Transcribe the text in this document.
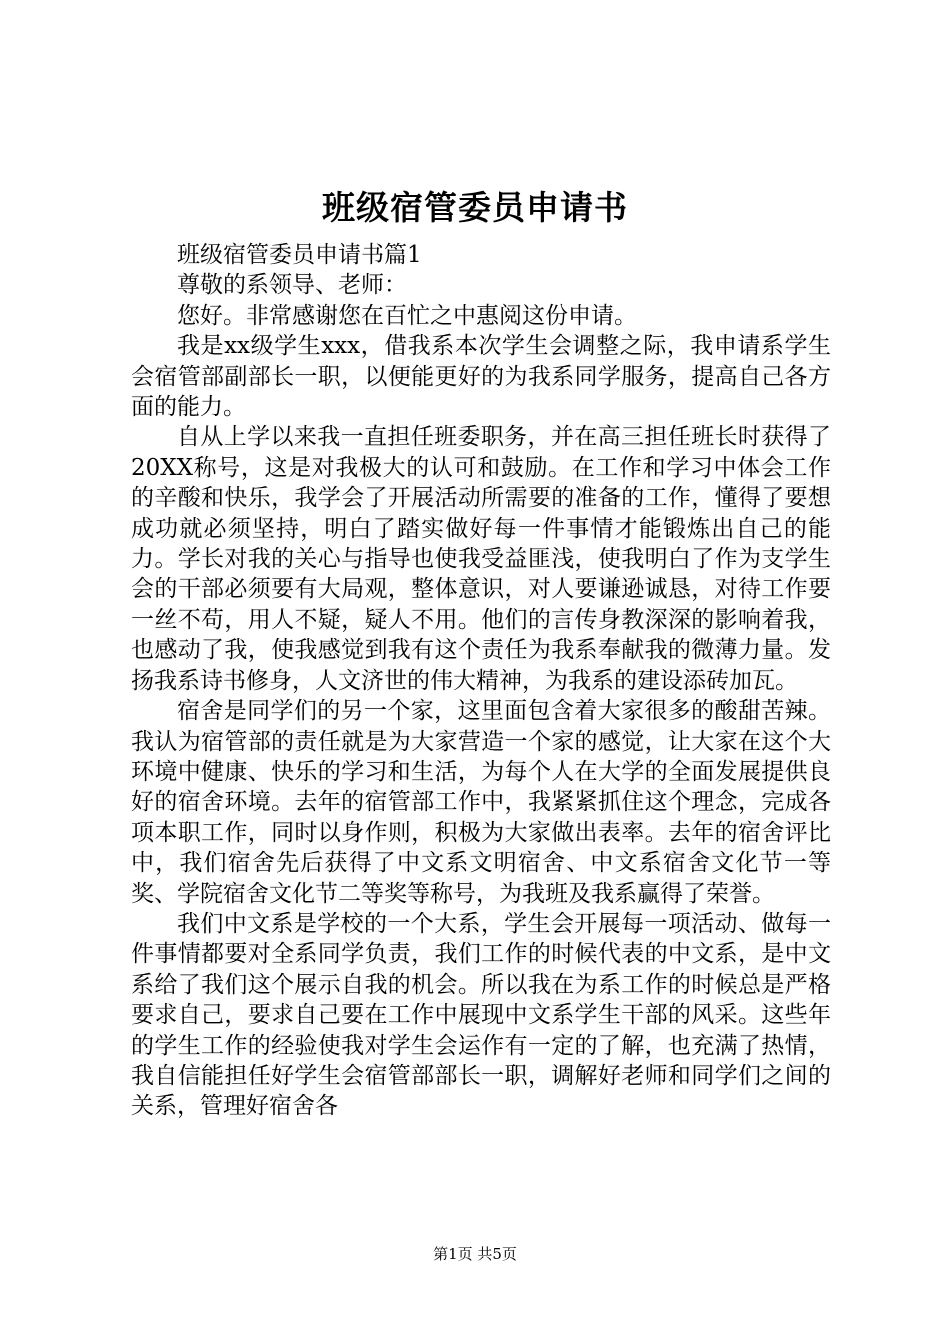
班级宿管委员申请书

班级宿管委员申请书篇1

尊敬的系领导、老师：

您好。非常感谢您在百忙之中惠阅这份申请。

我是xx级学生xxx，借我系本次学生会调整之际，我申请系学生会宿管部副部长一职，以便能更好的为我系同学服务，提高自己各方面的能力。

自从上学以来我一直担任班委职务，并在高三担任班长时获得了20XX称号，这是对我极大的认可和鼓励。在工作和学习中体会工作的辛酸和快乐，我学会了开展活动所需要的准备的工作，懂得了要想成功就必须坚持，明白了踏实做好每一件事情才能锻炼出自己的能力。学长对我的关心与指导也使我受益匪浅，使我明白了作为支学生会的干部必须要有大局观，整体意识，对人要谦逊诚恳，对待工作要一丝不苟，用人不疑，疑人不用。他们的言传身教深深的影响着我，也感动了我，使我感觉到我有这个责任为我系奉献我的微薄力量。发扬我系诗书修身，人文济世的伟大精神，为我系的建设添砖加瓦。

宿舍是同学们的另一个家，这里面包含着大家很多的酸甜苦辣。我认为宿管部的责任就是为大家营造一个家的感觉，让大家在这个大环境中健康、快乐的学习和生活，为每个人在大学的全面发展提供良好的宿舍环境。去年的宿管部工作中，我紧紧抓住这个理念，完成各项本职工作，同时以身作则，积极为大家做出表率。去年的宿舍评比中，我们宿舍先后获得了中文系文明宿舍、中文系宿舍文化节一等奖、学院宿舍文化节二等奖等称号，为我班及我系赢得了荣誉。

我们中文系是学校的一个大系，学生会开展每一项活动、做每一件事情都要对全系同学负责，我们工作的时候代表的中文系，是中文系给了我们这个展示自我的机会。所以我在为系工作的时候总是严格要求自己，要求自己要在工作中展现中文系学生干部的风采。这些年的学生工作的经验使我对学生会运作有一定的了解，也充满了热情，我自信能担任好学生会宿管部部长一职，调解好老师和同学们之间的关系，管理好宿舍各

第1页 共5页
